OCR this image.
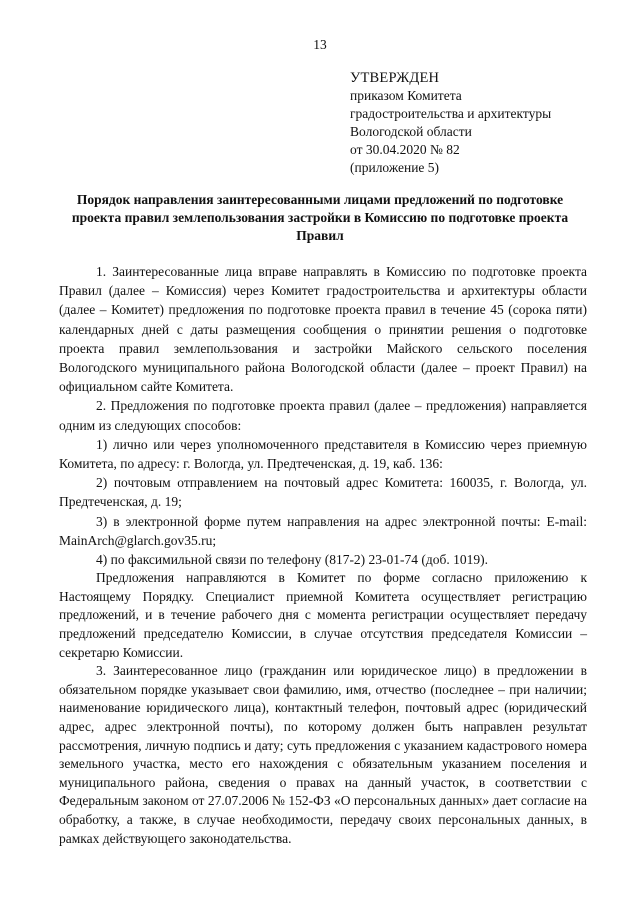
13
УТВЕРЖДЕН
приказом Комитета
градостроительства и архитектуры
Вологодской области
от 30.04.2020 № 82
(приложение 5)
Порядок направления заинтересованными лицами предложений по подготовке проекта правил землепользования застройки в Комиссию по подготовке проекта Правил

1. Заинтересованные лица вправе направлять в Комиссию по подготовке проекта Правил (далее – Комиссия) через Комитет градостроительства и архитектуры области (далее – Комитет) предложения по подготовке проекта правил в течение 45 (сорока пяти) календарных дней с даты размещения сообщения о принятии решения о подготовке проекта правил землепользования и застройки Майского сельского поселения Вологодского муниципального района Вологодской области (далее – проект Правил) на официальном сайте Комитета.

2. Предложения по подготовке проекта правил (далее – предложения) направляется одним из следующих способов:

1) лично или через уполномоченного представителя в Комиссию через приемную Комитета, по адресу: г. Вологда, ул. Предтеченская, д. 19, каб. 136:

2) почтовым отправлением на почтовый адрес Комитета: 160035, г. Вологда, ул. Предтеченская, д. 19;

3) в электронной форме путем направления на адрес электронной почты: E-mail: MainArch@glarch.gov35.ru;

4) по факсимильной связи по телефону (817-2) 23-01-74 (доб. 1019).

Предложения направляются в Комитет по форме согласно приложению к Настоящему Порядку. Специалист приемной Комитета осуществляет регистрацию предложений, и в течение рабочего дня с момента регистрации осуществляет передачу предложений председателю Комиссии, в случае отсутствия председателя Комиссии – секретарю Комиссии.

3. Заинтересованное лицо (гражданин или юридическое лицо) в предложении в обязательном порядке указывает свои фамилию, имя, отчество (последнее – при наличии; наименование юридического лица), контактный телефон, почтовый адрес (юридический адрес, адрес электронной почты), по которому должен быть направлен результат рассмотрения, личную подпись и дату; суть предложения с указанием кадастрового номера земельного участка, место его нахождения с обязательным указанием поселения и муниципального района, сведения о правах на данный участок, в соответствии с Федеральным законом от 27.07.2006 № 152-ФЗ «О персональных данных» дает согласие на обработку, а также, в случае необходимости, передачу своих персональных данных, в рамках действующего законодательства.
